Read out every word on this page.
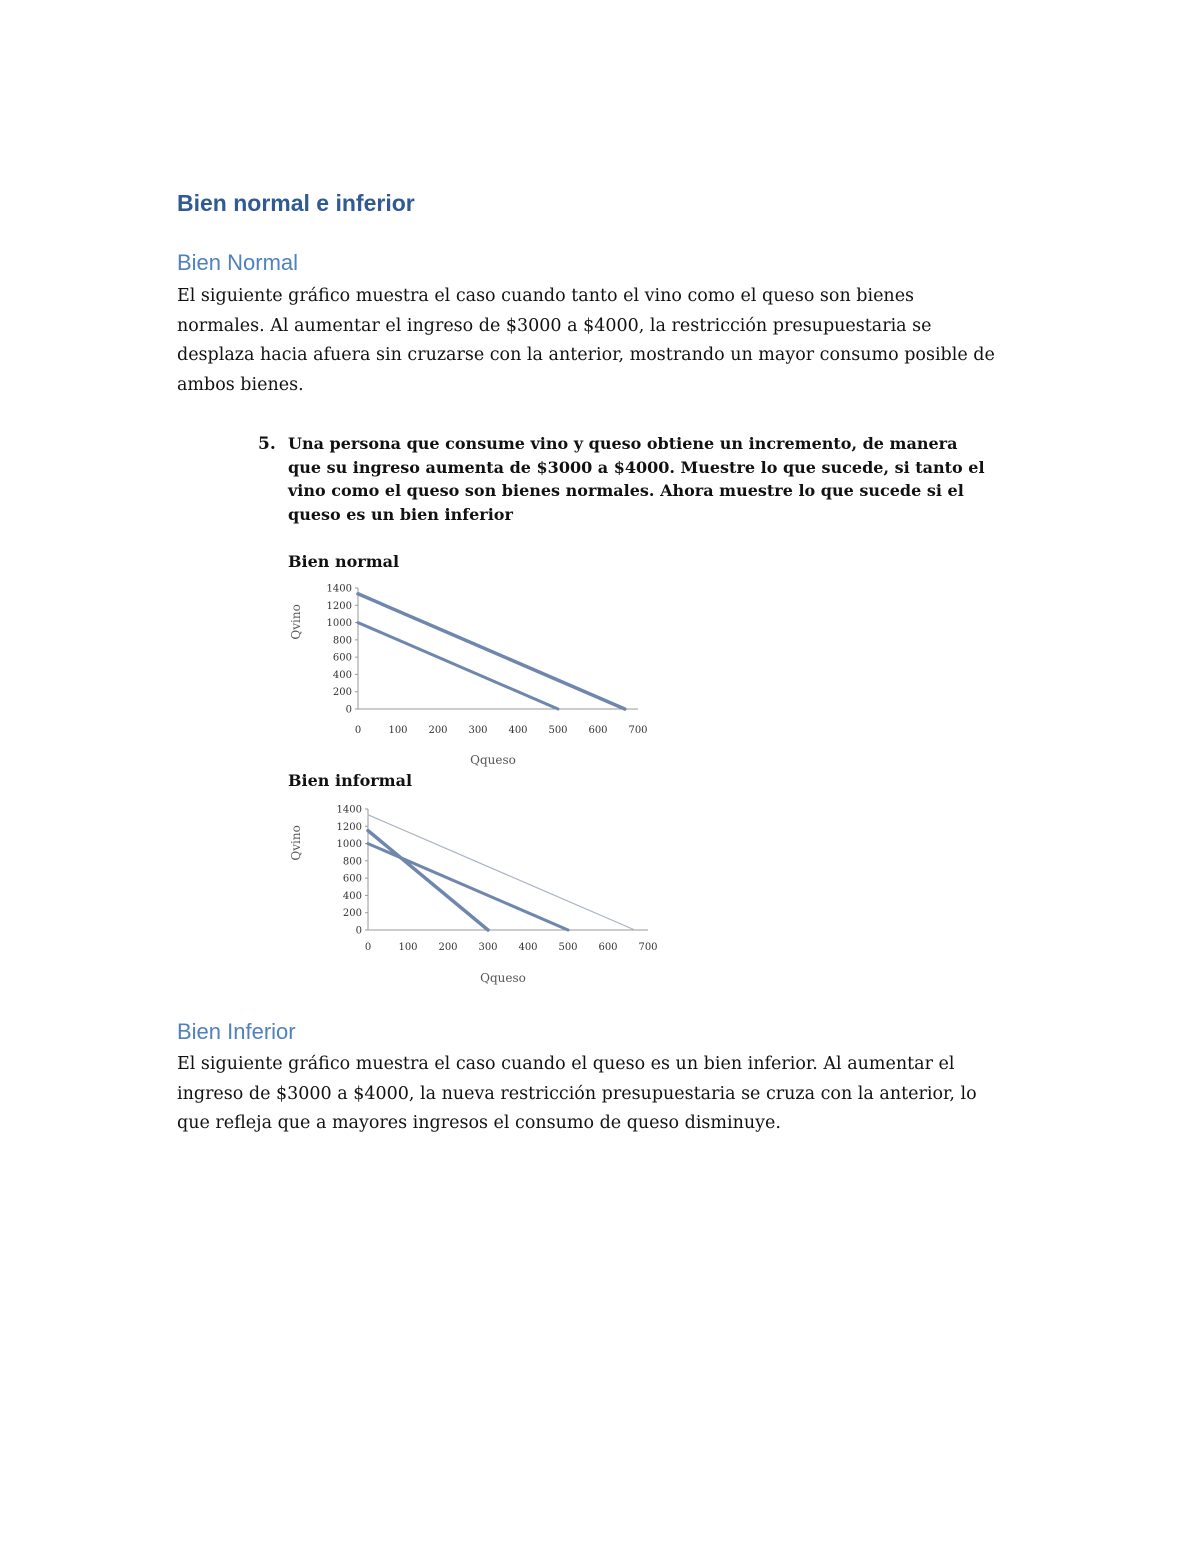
Bien normal e inferior
Bien Normal

El siguiente gráfico muestra el caso cuando tanto el vino como el queso son bienes

normales. Al aumentar el ingreso de $3000 a $4000, la restricción presupuestaria se

desplaza hacia afuera sin cruzarse con la anterior, mostrando un mayor consumo posible de

ambos bienes.

5. Una persona que consume vino y queso obtiene un incremento, de manera

que su ingreso aumenta de $3000 a $4000. Muestre lo que sucede, si tanto el

vino como el queso son bienes normales. Ahora muestre lo que sucede si el

queso es un bien inferior

Bien normal
0
200
400
600
800
1000
1200
1400
0	100 200 300 400 500 600 700
Qqueso
Qvino
Bien informal
0
200
400
600
800
1000
1200
1400
0	100 200 300 400 500 600 700
Qqueso
Qvino
Bien Inferior

El siguiente gráfico muestra el caso cuando el queso es un bien inferior. Al aumentar el

ingreso de $3000 a $4000, la nueva restricción presupuestaria se cruza con la anterior, lo

que refleja que a mayores ingresos el consumo de queso disminuye.
